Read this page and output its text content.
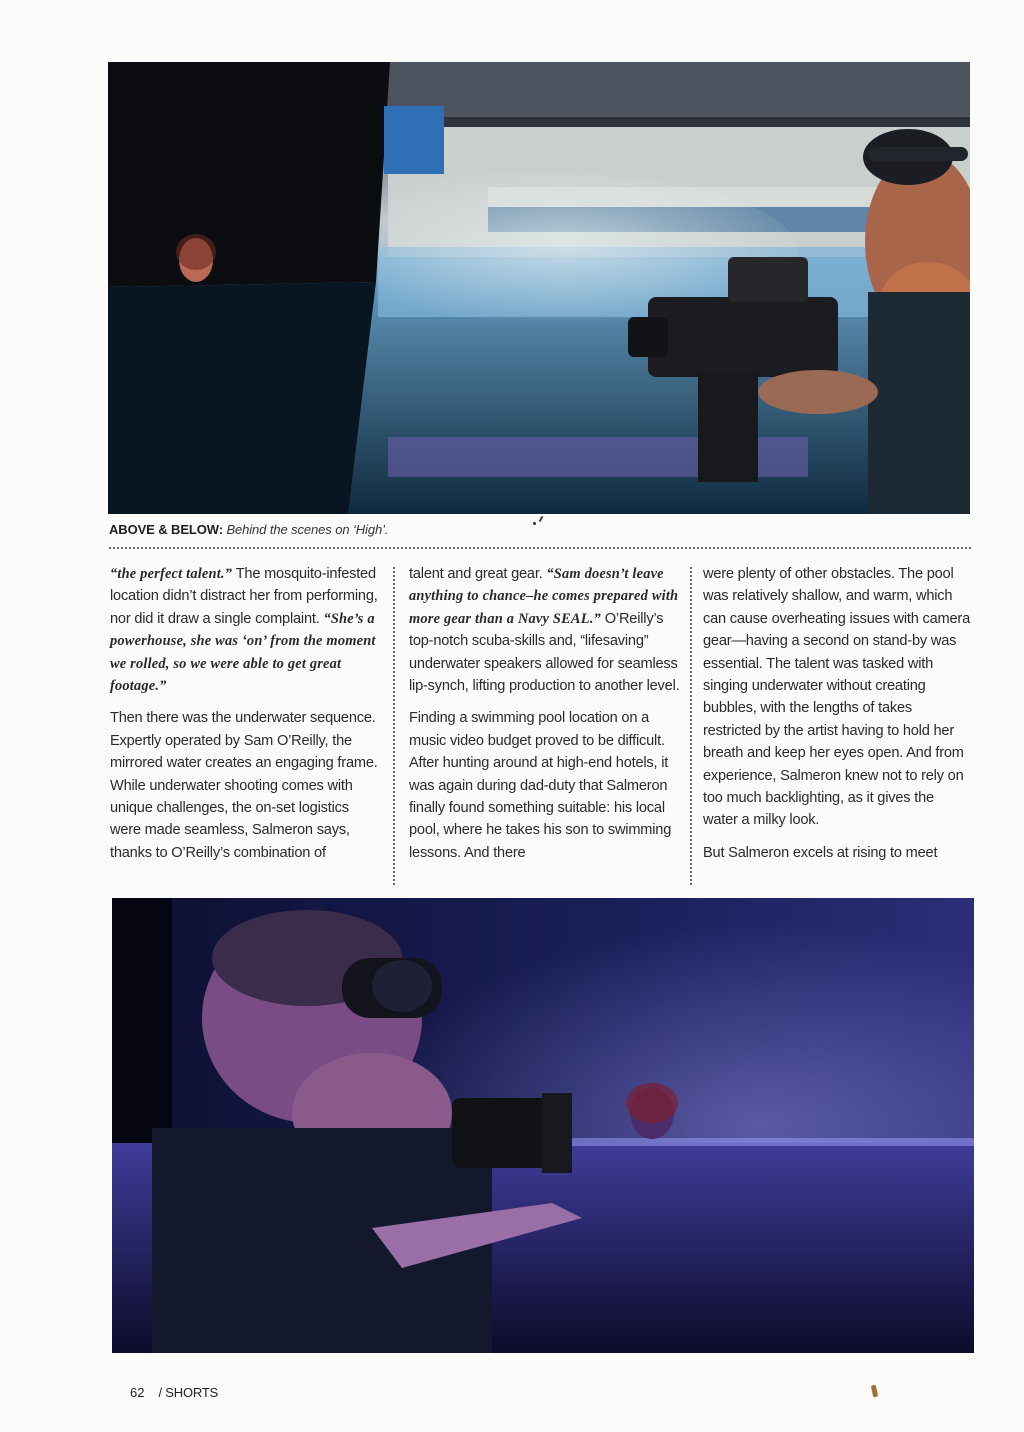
ABOVE & BELOW: Behind the scenes on ‘High’.

“the perfect talent.” The mosquito-infested location didn’t distract her from performing, nor did it draw a single complaint. “She’s a powerhouse, she was ‘on’ from the moment we rolled, so we were able to get great footage.”

Then there was the underwater sequence. Expertly operated by Sam O’Reilly, the mirrored water creates an engaging frame. While underwater shooting comes with unique challenges, the on-set logistics were made seamless, Salmeron says, thanks to O’Reilly’s combination of

talent and great gear. “Sam doesn’t leave anything to chance–he comes prepared with more gear than a Navy SEAL.” O’Reilly’s top-notch scuba-skills and, “lifesaving” underwater speakers allowed for seamless lip-synch, lifting production to another level.

Finding a swimming pool location on a music video budget proved to be difficult. After hunting around at high-end hotels, it was again during dad-duty that Salmeron finally found something suitable: his local pool, where he takes his son to swimming lessons. And there

were plenty of other obstacles. The pool was relatively shallow, and warm, which can cause overheating issues with camera gear—having a second on stand-by was essential. The talent was tasked with singing underwater without creating bubbles, with the lengths of takes restricted by the artist having to hold her breath and keep her eyes open. And from experience, Salmeron knew not to rely on too much backlighting, as it gives the water a milky look.

But Salmeron excels at rising to meet

62 / SHORTS
